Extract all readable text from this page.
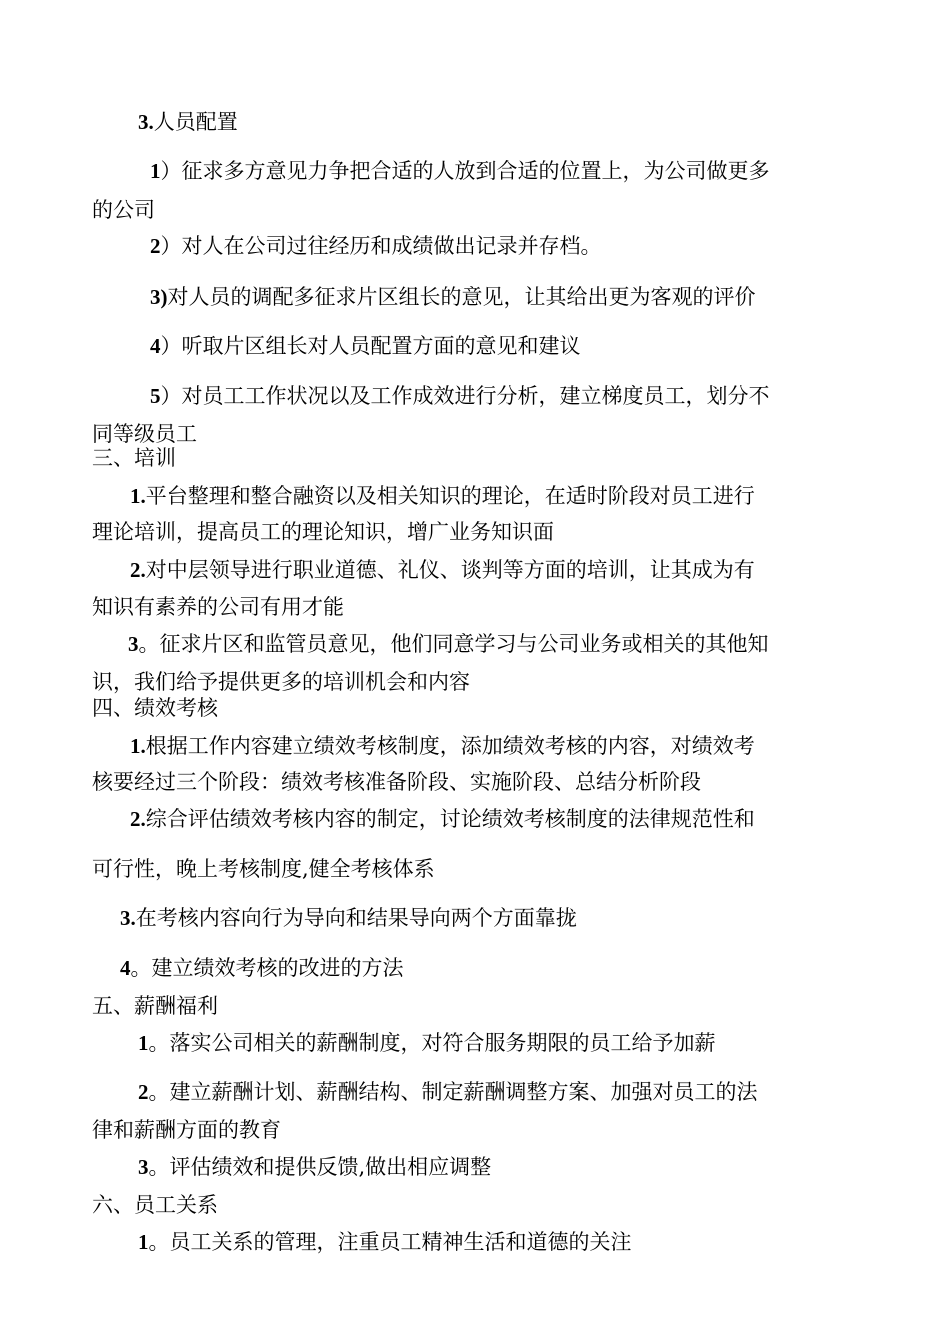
3.人员配置
1）征求多方意见力争把合适的人放到合适的位置上，为公司做更多
的公司
2）对人在公司过往经历和成绩做出记录并存档。
3)对人员的调配多征求片区组长的意见，让其给出更为客观的评价
4）听取片区组长对人员配置方面的意见和建议
5）对员工工作状况以及工作成效进行分析，建立梯度员工，划分不
同等级员工
三、培训
1.平台整理和整合融资以及相关知识的理论，在适时阶段对员工进行
理论培训，提高员工的理论知识，增广业务知识面
2.对中层领导进行职业道德、礼仪、谈判等方面的培训，让其成为有
知识有素养的公司有用才能
3。征求片区和监管员意见，他们同意学习与公司业务或相关的其他知
识，我们给予提供更多的培训机会和内容
四、绩效考核
1.根据工作内容建立绩效考核制度，添加绩效考核的内容，对绩效考
核要经过三个阶段：绩效考核准备阶段、实施阶段、总结分析阶段
2.综合评估绩效考核内容的制定，讨论绩效考核制度的法律规范性和
可行性，晚上考核制度,健全考核体系
3.在考核内容向行为导向和结果导向两个方面靠拢
4。建立绩效考核的改进的方法
五、薪酬福利
1。落实公司相关的薪酬制度，对符合服务期限的员工给予加薪
2。建立薪酬计划、薪酬结构、制定薪酬调整方案、加强对员工的法
律和薪酬方面的教育
3。评估绩效和提供反馈,做出相应调整
六、员工关系
1。员工关系的管理，注重员工精神生活和道德的关注
